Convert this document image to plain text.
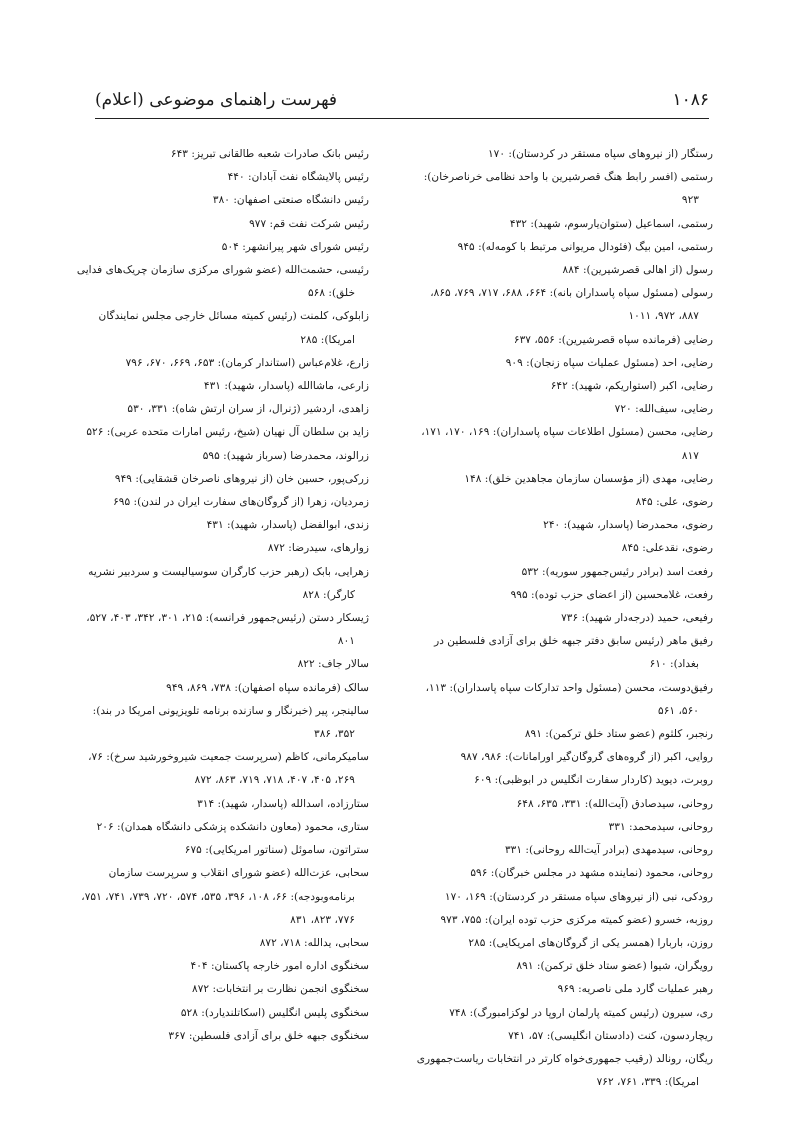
۱۰۸۶
فهرست راهنمای موضوعی (اعلام)
رستگار (از نیروهای سپاه مستقر در کردستان): ۱۷۰
رستمی (افسر رابط هنگ قصرشیرین با واحد نظامی خرناصرخان): ۹۲۳
رستمی، اسماعیل (ستوان‌یارسوم، شهید): ۴۳۲
رستمی، امین بیگ (فئودال مریوانی مرتبط با کومه‌له): ۹۴۵
رسول (از اهالی قصرشیرین): ۸۸۴
رسولی (مسئول سپاه پاسداران بانه): ۶۶۴، ۶۸۸، ۷۱۷، ۷۶۹، ۸۶۵، ۸۸۷، ۹۷۲، ۱۰۱۱
رضایی (فرمانده سپاه قصرشیرین): ۵۵۶، ۶۳۷
رضایی، احد (مسئول عملیات سپاه زنجان): ۹۰۹
رضایی، اکبر (استواریکم، شهید): ۶۴۲
رضایی، سیف‌الله: ۷۲۰
رضایی، محسن (مسئول اطلاعات سپاه پاسداران): ۱۶۹، ۱۷۰، ۱۷۱، ۸۱۷
رضایی، مهدی (از مؤسسان سازمان مجاهدین خلق): ۱۴۸
رضوی، علی: ۸۴۵
رضوی، محمدرضا (پاسدار، شهید): ۲۴۰
رضوی، نقدعلی: ۸۴۵
رفعت اسد (برادر رئیس‌جمهور سوریه): ۵۳۲
رفعت، غلامحسین (از اعضای حزب توده): ۹۹۵
رفیعی، حمید (درجه‌دار شهید): ۷۳۶
رفیق ماهر (رئیس سابق دفتر جبهه خلق برای آزادی فلسطین در بغداد): ۶۱۰
رفیق‌دوست، محسن (مسئول واحد تدارکات سپاه پاسداران): ۱۱۳، ۵۶۰، ۵۶۱
رنجبر، کلثوم (عضو ستاد خلق ترکمن): ۸۹۱
روایی، اکبر (از گروه‌های گروگان‌گیر اورامانات): ۹۸۶، ۹۸۷
روبرت، دیوید (کاردار سفارت انگلیس در ابوظبی): ۶۰۹
روحانی، سیدصادق (آیت‌الله): ۳۳۱، ۶۳۵، ۶۴۸
روحانی، سیدمحمد: ۳۳۱
روحانی، سیدمهدی (برادر آیت‌الله روحانی): ۳۳۱
روحانی، محمود (نماینده مشهد در مجلس خبرگان): ۵۹۶
رودکی، نبی (از نیروهای سپاه مستقر در کردستان): ۱۶۹، ۱۷۰
روزبه، خسرو (عضو کمیته مرکزی حزب توده ایران): ۷۵۵، ۹۷۳
روزن، باربارا (همسر یکی از گروگان‌های امریکایی): ۲۸۵
رویگران، شیوا (عضو ستاد خلق ترکمن): ۸۹۱
رهبر عملیات گارد ملی ناصریه: ۹۶۹
ری، سیرون (رئیس کمیته پارلمان اروپا در لوکزامبورگ): ۷۴۸
ریچاردسون، کنت (دادستان انگلیسی): ۵۷، ۷۴۱
ریگان، رونالد (رقیب جمهوری‌خواه کارتر در انتخابات ریاست‌جمهوری امریکا): ۳۳۹، ۷۶۱، ۷۶۲
رئیس بانک صادرات شعبه طالقانی تبریز: ۶۴۳
رئیس پالایشگاه نفت آبادان: ۴۴۰
رئیس دانشگاه صنعتی اصفهان: ۳۸۰
رئیس شرکت نفت قم: ۹۷۷
رئیس شورای شهر پیرانشهر: ۵۰۴
رئیسی، حشمت‌الله (عضو شورای مرکزی سازمان چریک‌های فدایی خلق): ۵۶۸
زابلوکی، کلمنت (رئیس کمیته مسائل خارجی مجلس نمایندگان امریکا): ۲۸۵
زارع، غلام‌عباس (استاندار کرمان): ۶۵۳، ۶۶۹، ۶۷۰، ۷۹۶
زارعی، ماشاالله (پاسدار، شهید): ۴۳۱
زاهدی، اردشیر (ژنرال، از سران ارتش شاه): ۳۳۱، ۵۳۰
زاید بن سلطان آل نهیان (شیخ، رئیس امارات متحده عربی): ۵۲۶
زرالوند، محمدرضا (سرباز شهید): ۵۹۵
زرکی‌پور، حسین خان (از نیروهای ناصرخان قشقایی): ۹۴۹
زمردیان، زهرا (از گروگان‌های سفارت ایران در لندن): ۶۹۵
زندی، ابوالفضل (پاسدار، شهید): ۴۳۱
زوارهای، سیدرضا: ۸۷۲
زهرایی، بابک (رهبر حزب کارگران سوسیالیست و سردبیر نشریه کارگر): ۸۲۸
ژیسکار دستن (رئیس‌جمهور فرانسه): ۲۱۵، ۳۰۱، ۳۴۲، ۴۰۳، ۵۲۷، ۸۰۱
سالار جاف: ۸۲۲
سالک (فرمانده سپاه اصفهان): ۷۳۸، ۸۶۹، ۹۴۹
سالینجر، پیر (خبرنگار و سازنده برنامه تلویزیونی امریکا در بند): ۳۵۲، ۳۸۶
سامیکرمانی، کاظم (سرپرست جمعیت شیروخورشید سرخ): ۷۶، ۲۶۹، ۴۰۵، ۴۰۷، ۷۱۸، ۷۱۹، ۸۶۳، ۸۷۲
ستارزاده، اسدالله (پاسدار، شهید): ۳۱۴
ستاری، محمود (معاون دانشکده پزشکی دانشگاه همدان): ۲۰۶
ستراتون، ساموئل (سناتور امریکایی): ۶۷۵
سحابی، عزت‌الله (عضو شورای انقلاب و سرپرست سازمان برنامه‌وبودجه): ۶۶، ۱۰۸، ۳۹۶، ۵۳۵، ۵۷۴، ۷۲۰، ۷۳۹، ۷۴۱، ۷۵۱، ۷۷۶، ۸۲۳، ۸۳۱
سحابی، یدالله: ۷۱۸، ۸۷۲
سخنگوی اداره امور خارجه پاکستان: ۴۰۴
سخنگوی انجمن نظارت بر انتخابات: ۸۷۲
سخنگوی پلیس انگلیس (اسکاتلندیارد): ۵۲۸
سخنگوی جبهه خلق برای آزادی فلسطین: ۳۶۷
